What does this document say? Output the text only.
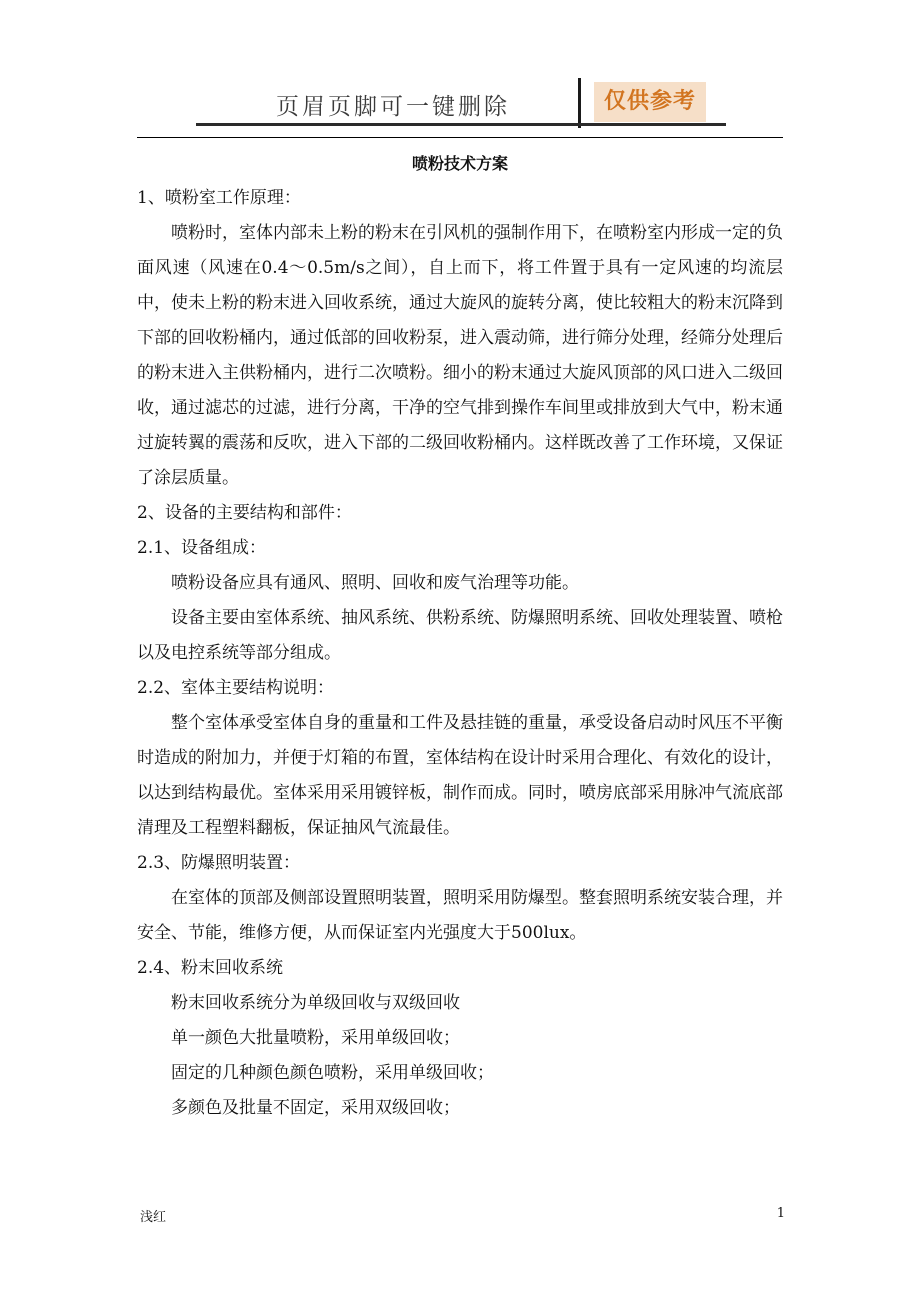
页眉页脚可一键删除	仅供参考
喷粉技术方案

1、喷粉室工作原理：

喷粉时，室体内部未上粉的粉末在引风机的强制作用下，在喷粉室内形成一定的负面风速（风速在0.4～0.5m/s之间），自上而下，将工件置于具有一定风速的均流层中，使未上粉的粉末进入回收系统，通过大旋风的旋转分离，使比较粗大的粉末沉降到下部的回收粉桶内，通过低部的回收粉泵，进入震动筛，进行筛分处理，经筛分处理后的粉末进入主供粉桶内，进行二次喷粉。细小的粉末通过大旋风顶部的风口进入二级回收，通过滤芯的过滤，进行分离，干净的空气排到操作车间里或排放到大气中，粉末通过旋转翼的震荡和反吹，进入下部的二级回收粉桶内。这样既改善了工作环境，又保证了涂层质量。

2、设备的主要结构和部件：

2.1、设备组成：

喷粉设备应具有通风、照明、回收和废气治理等功能。

设备主要由室体系统、抽风系统、供粉系统、防爆照明系统、回收处理装置、喷枪以及电控系统等部分组成。

2.2、室体主要结构说明：

整个室体承受室体自身的重量和工件及悬挂链的重量，承受设备启动时风压不平衡时造成的附加力，并便于灯箱的布置，室体结构在设计时采用合理化、有效化的设计，以达到结构最优。室体采用采用镀锌板，制作而成。同时，喷房底部采用脉冲气流底部清理及工程塑料翻板，保证抽风气流最佳。

2.3、防爆照明装置：

在室体的顶部及侧部设置照明装置，照明采用防爆型。整套照明系统安装合理，并安全、节能，维修方便，从而保证室内光强度大于500lux。

2.4、粉末回收系统

粉末回收系统分为单级回收与双级回收

单一颜色大批量喷粉，采用单级回收；

固定的几种颜色颜色喷粉，采用单级回收；

多颜色及批量不固定，采用双级回收；

浅红	1
